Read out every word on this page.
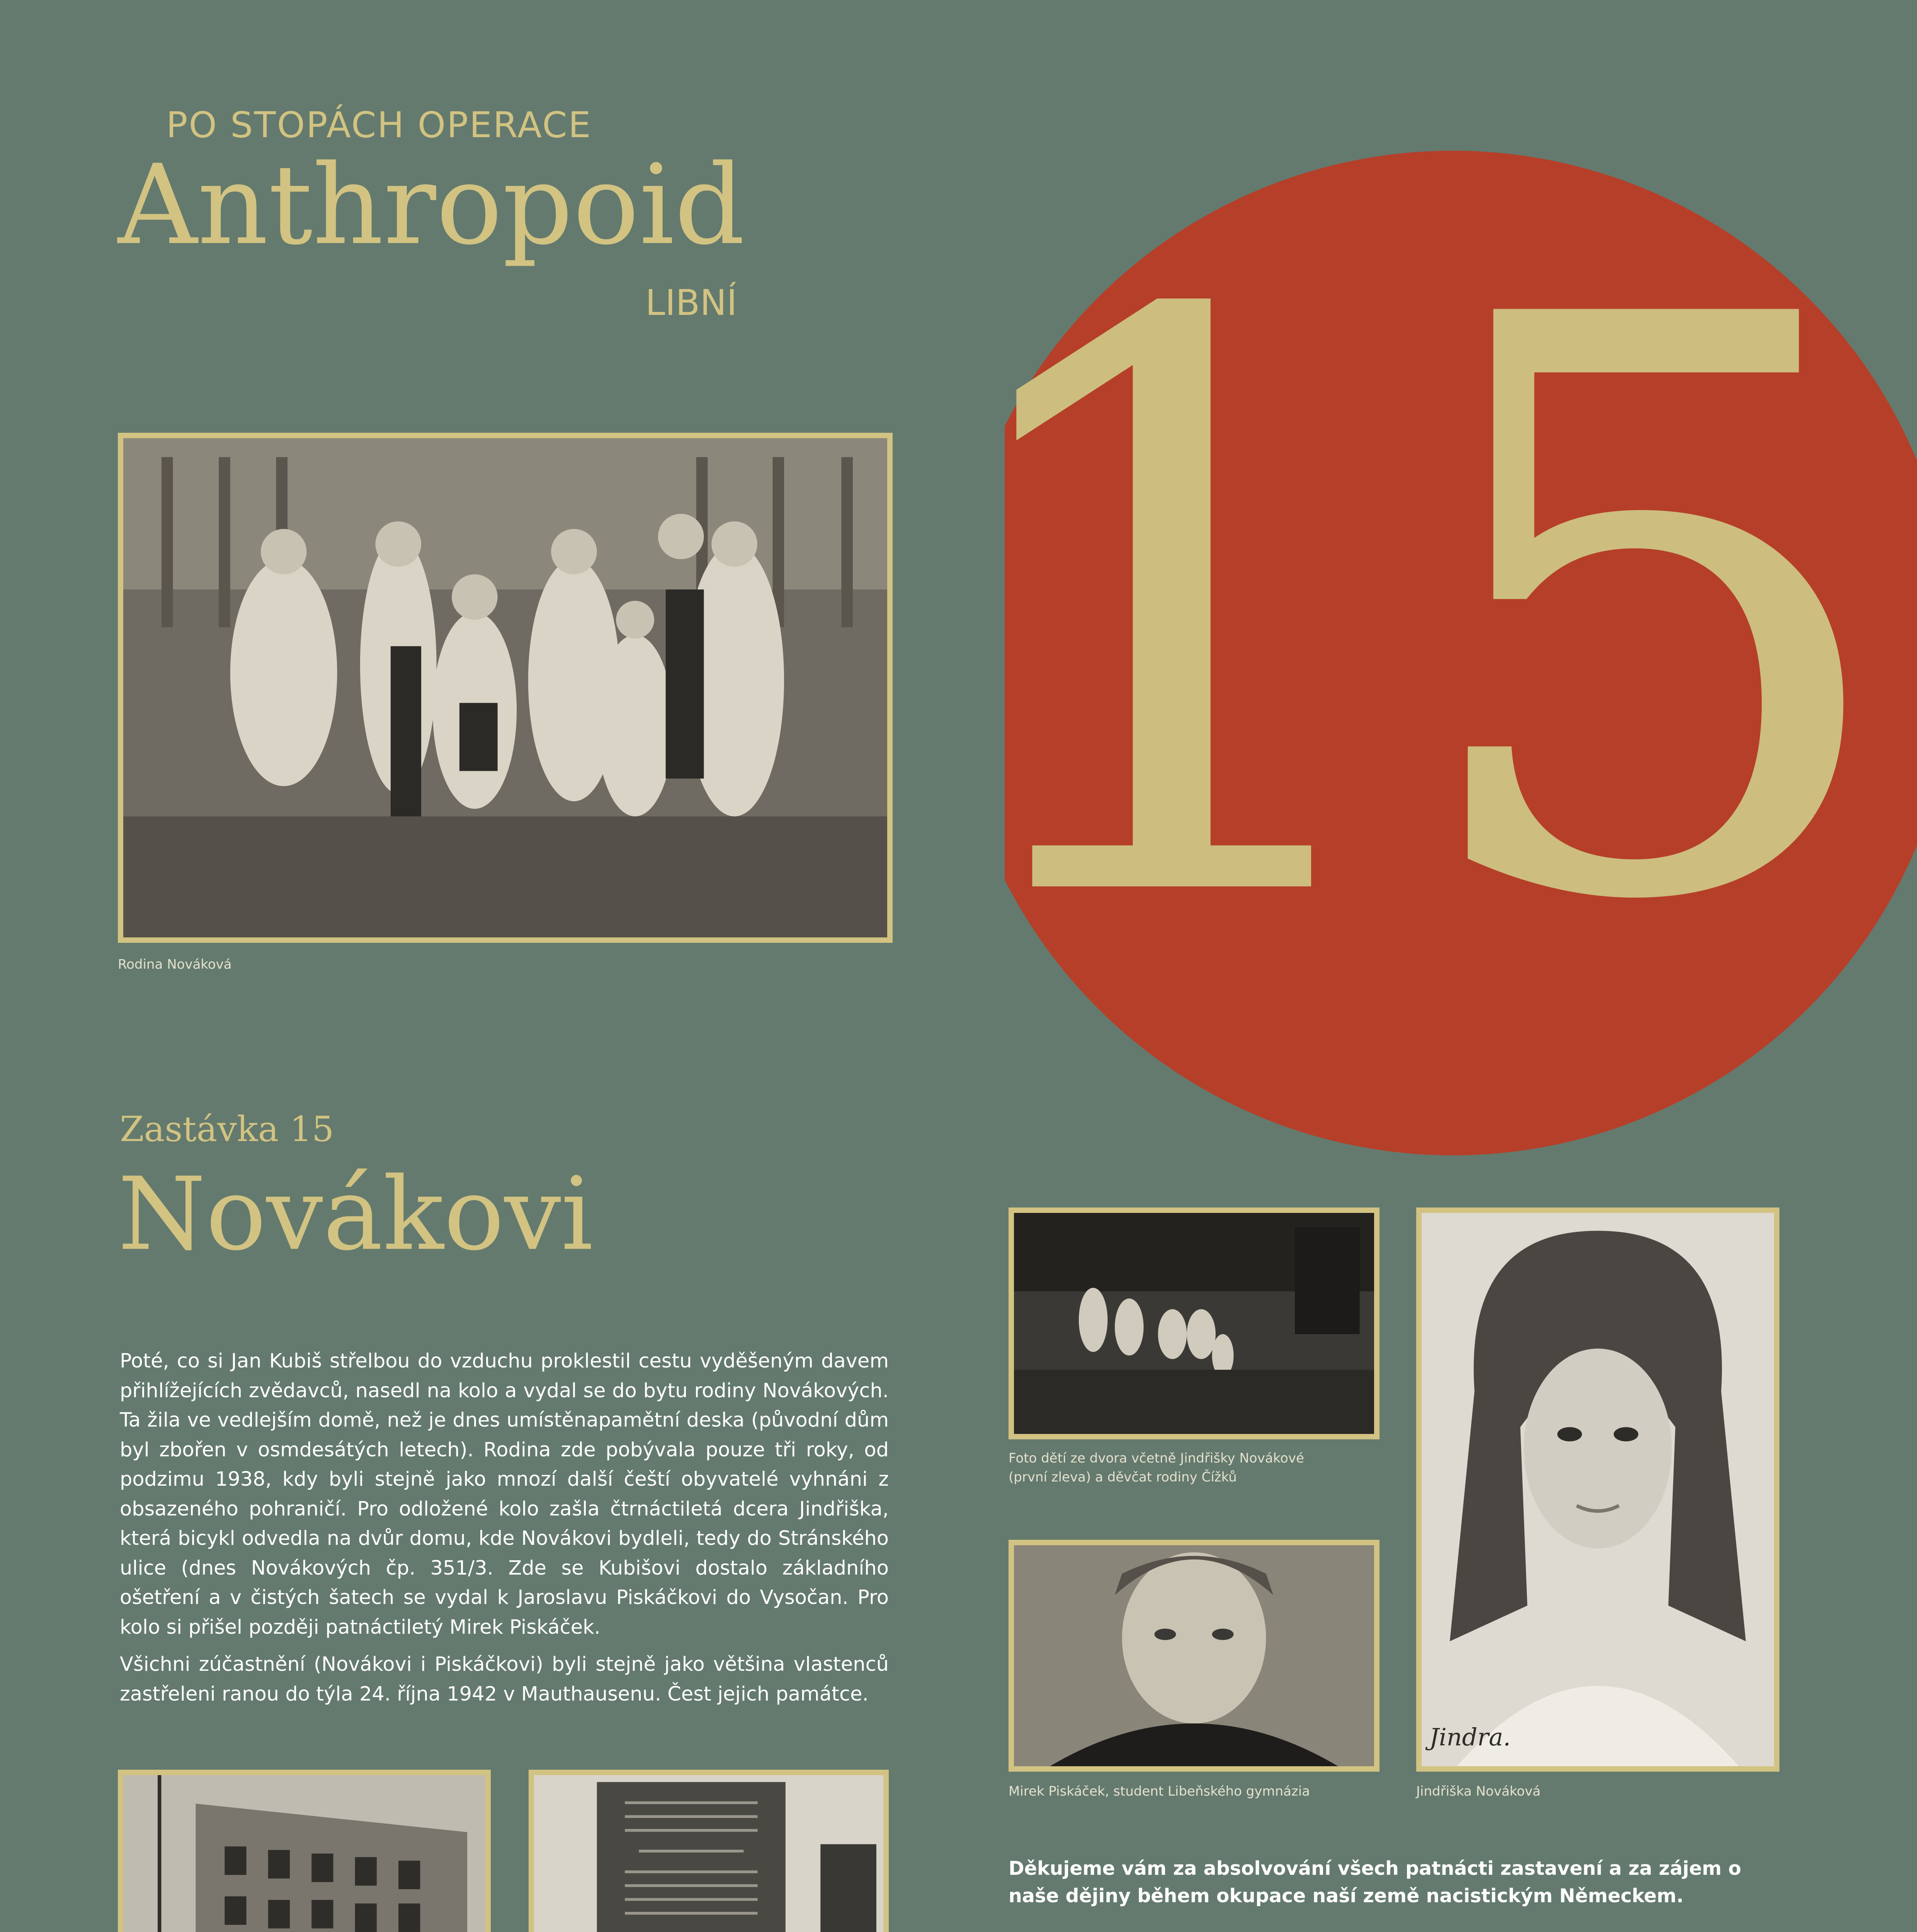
15
PO STOPÁCH OPERACE
Anthropoid
LIBNÍ
Rodina Nováková
Zastávka 15
Novákovi
Poté, co si Jan Kubiš střelbou do vzduchu proklestil cestu vyděšeným davem přihlížejících zvědavců, nasedl na kolo a vydal se do bytu rodiny Novákových. Ta žila ve vedlejším domě, než je dnes umístěnapamětní deska (původní dům byl zbořen v osmdesátých letech). Rodina zde pobývala pouze tři roky, od podzimu 1938, kdy byli stejně jako mnozí další čeští obyvatelé vyhnáni z obsazeného pohraničí. Pro odložené kolo zašla čtrnáctiletá dcera Jindřiška, která bicykl odvedla na dvůr domu, kde Novákovi bydleli, tedy do Stránského ulice (dnes Novákových čp. 351/3. Zde se Kubišovi dostalo základního ošetření a v čistých šatech se vydal k Jaroslavu Piskáčkovi do Vysočan. Pro kolo si přišel později patnáctiletý Mirek Piskáček.
Všichni zúčastnění (Novákovi i Piskáčkovi) byli stejně jako většina vlastenců zastřeleni ranou do týla 24. října 1942 v Mauthausenu. Čest jejich památce.
Foto dětí ze dvora včetně Jindřišky Novákové
(první zleva) a děvčat rodiny Čížků
Mirek Piskáček, student Libeňského gymnázia
Jindra.
Jindřiška Nováková
Děkujeme vám za absolvování všech patnácti zastavení a za zájem o naše dějiny během okupace naší země nacistickým Německem.
